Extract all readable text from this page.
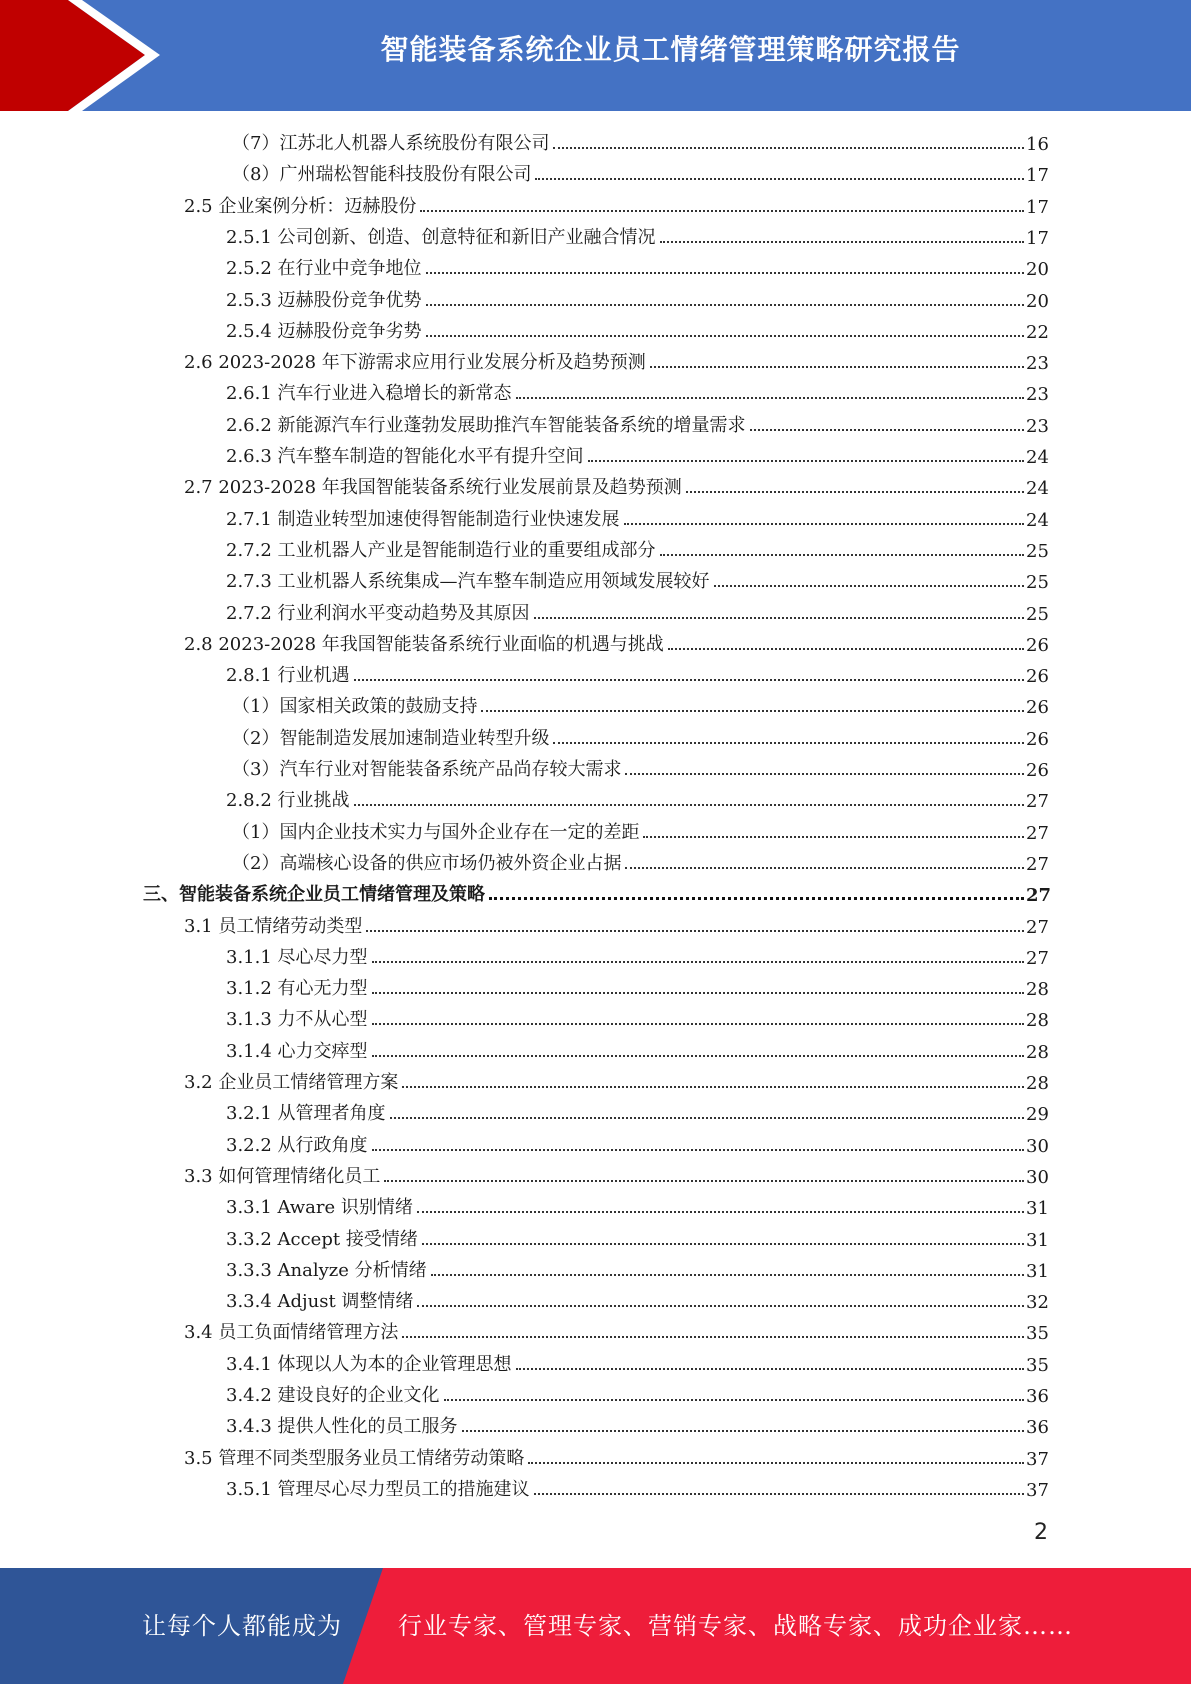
智能装备系统企业员工情绪管理策略研究报告
（7）江苏北人机器人系统股份有限公司	16
（8）广州瑞松智能科技股份有限公司	17
2.5 企业案例分析：迈赫股份	17
2.5.1 公司创新、创造、创意特征和新旧产业融合情况	17
2.5.2 在行业中竞争地位	20
2.5.3 迈赫股份竞争优势	20
2.5.4 迈赫股份竞争劣势	22
2.6 2023-2028 年下游需求应用行业发展分析及趋势预测	23
2.6.1 汽车行业进入稳增长的新常态	23
2.6.2 新能源汽车行业蓬勃发展助推汽车智能装备系统的增量需求	23
2.6.3 汽车整车制造的智能化水平有提升空间	24
2.7 2023-2028 年我国智能装备系统行业发展前景及趋势预测	24
2.7.1 制造业转型加速使得智能制造行业快速发展	24
2.7.2 工业机器人产业是智能制造行业的重要组成部分	25
2.7.3 工业机器人系统集成—汽车整车制造应用领域发展较好	25
2.7.2 行业利润水平变动趋势及其原因	25
2.8 2023-2028 年我国智能装备系统行业面临的机遇与挑战	26
2.8.1 行业机遇	26
（1）国家相关政策的鼓励支持	26
（2）智能制造发展加速制造业转型升级	26
（3）汽车行业对智能装备系统产品尚存较大需求	26
2.8.2 行业挑战	27
（1）国内企业技术实力与国外企业存在一定的差距	27
（2）高端核心设备的供应市场仍被外资企业占据	27
三、智能装备系统企业员工情绪管理及策略	27
3.1 员工情绪劳动类型	27
3.1.1 尽心尽力型	27
3.1.2 有心无力型	28
3.1.3 力不从心型	28
3.1.4 心力交瘁型	28
3.2 企业员工情绪管理方案	28
3.2.1 从管理者角度	29
3.2.2 从行政角度	30
3.3 如何管理情绪化员工	30
3.3.1 Aware 识别情绪	31
3.3.2 Accept 接受情绪	31
3.3.3 Analyze 分析情绪	31
3.3.4 Adjust 调整情绪	32
3.4 员工负面情绪管理方法	35
3.4.1 体现以人为本的企业管理思想	35
3.4.2 建设良好的企业文化	36
3.4.3 提供人性化的员工服务	36
3.5 管理不同类型服务业员工情绪劳动策略	37
3.5.1 管理尽心尽力型员工的措施建议	37
2
让每个人都能成为 行业专家、管理专家、营销专家、战略专家、成功企业家……
